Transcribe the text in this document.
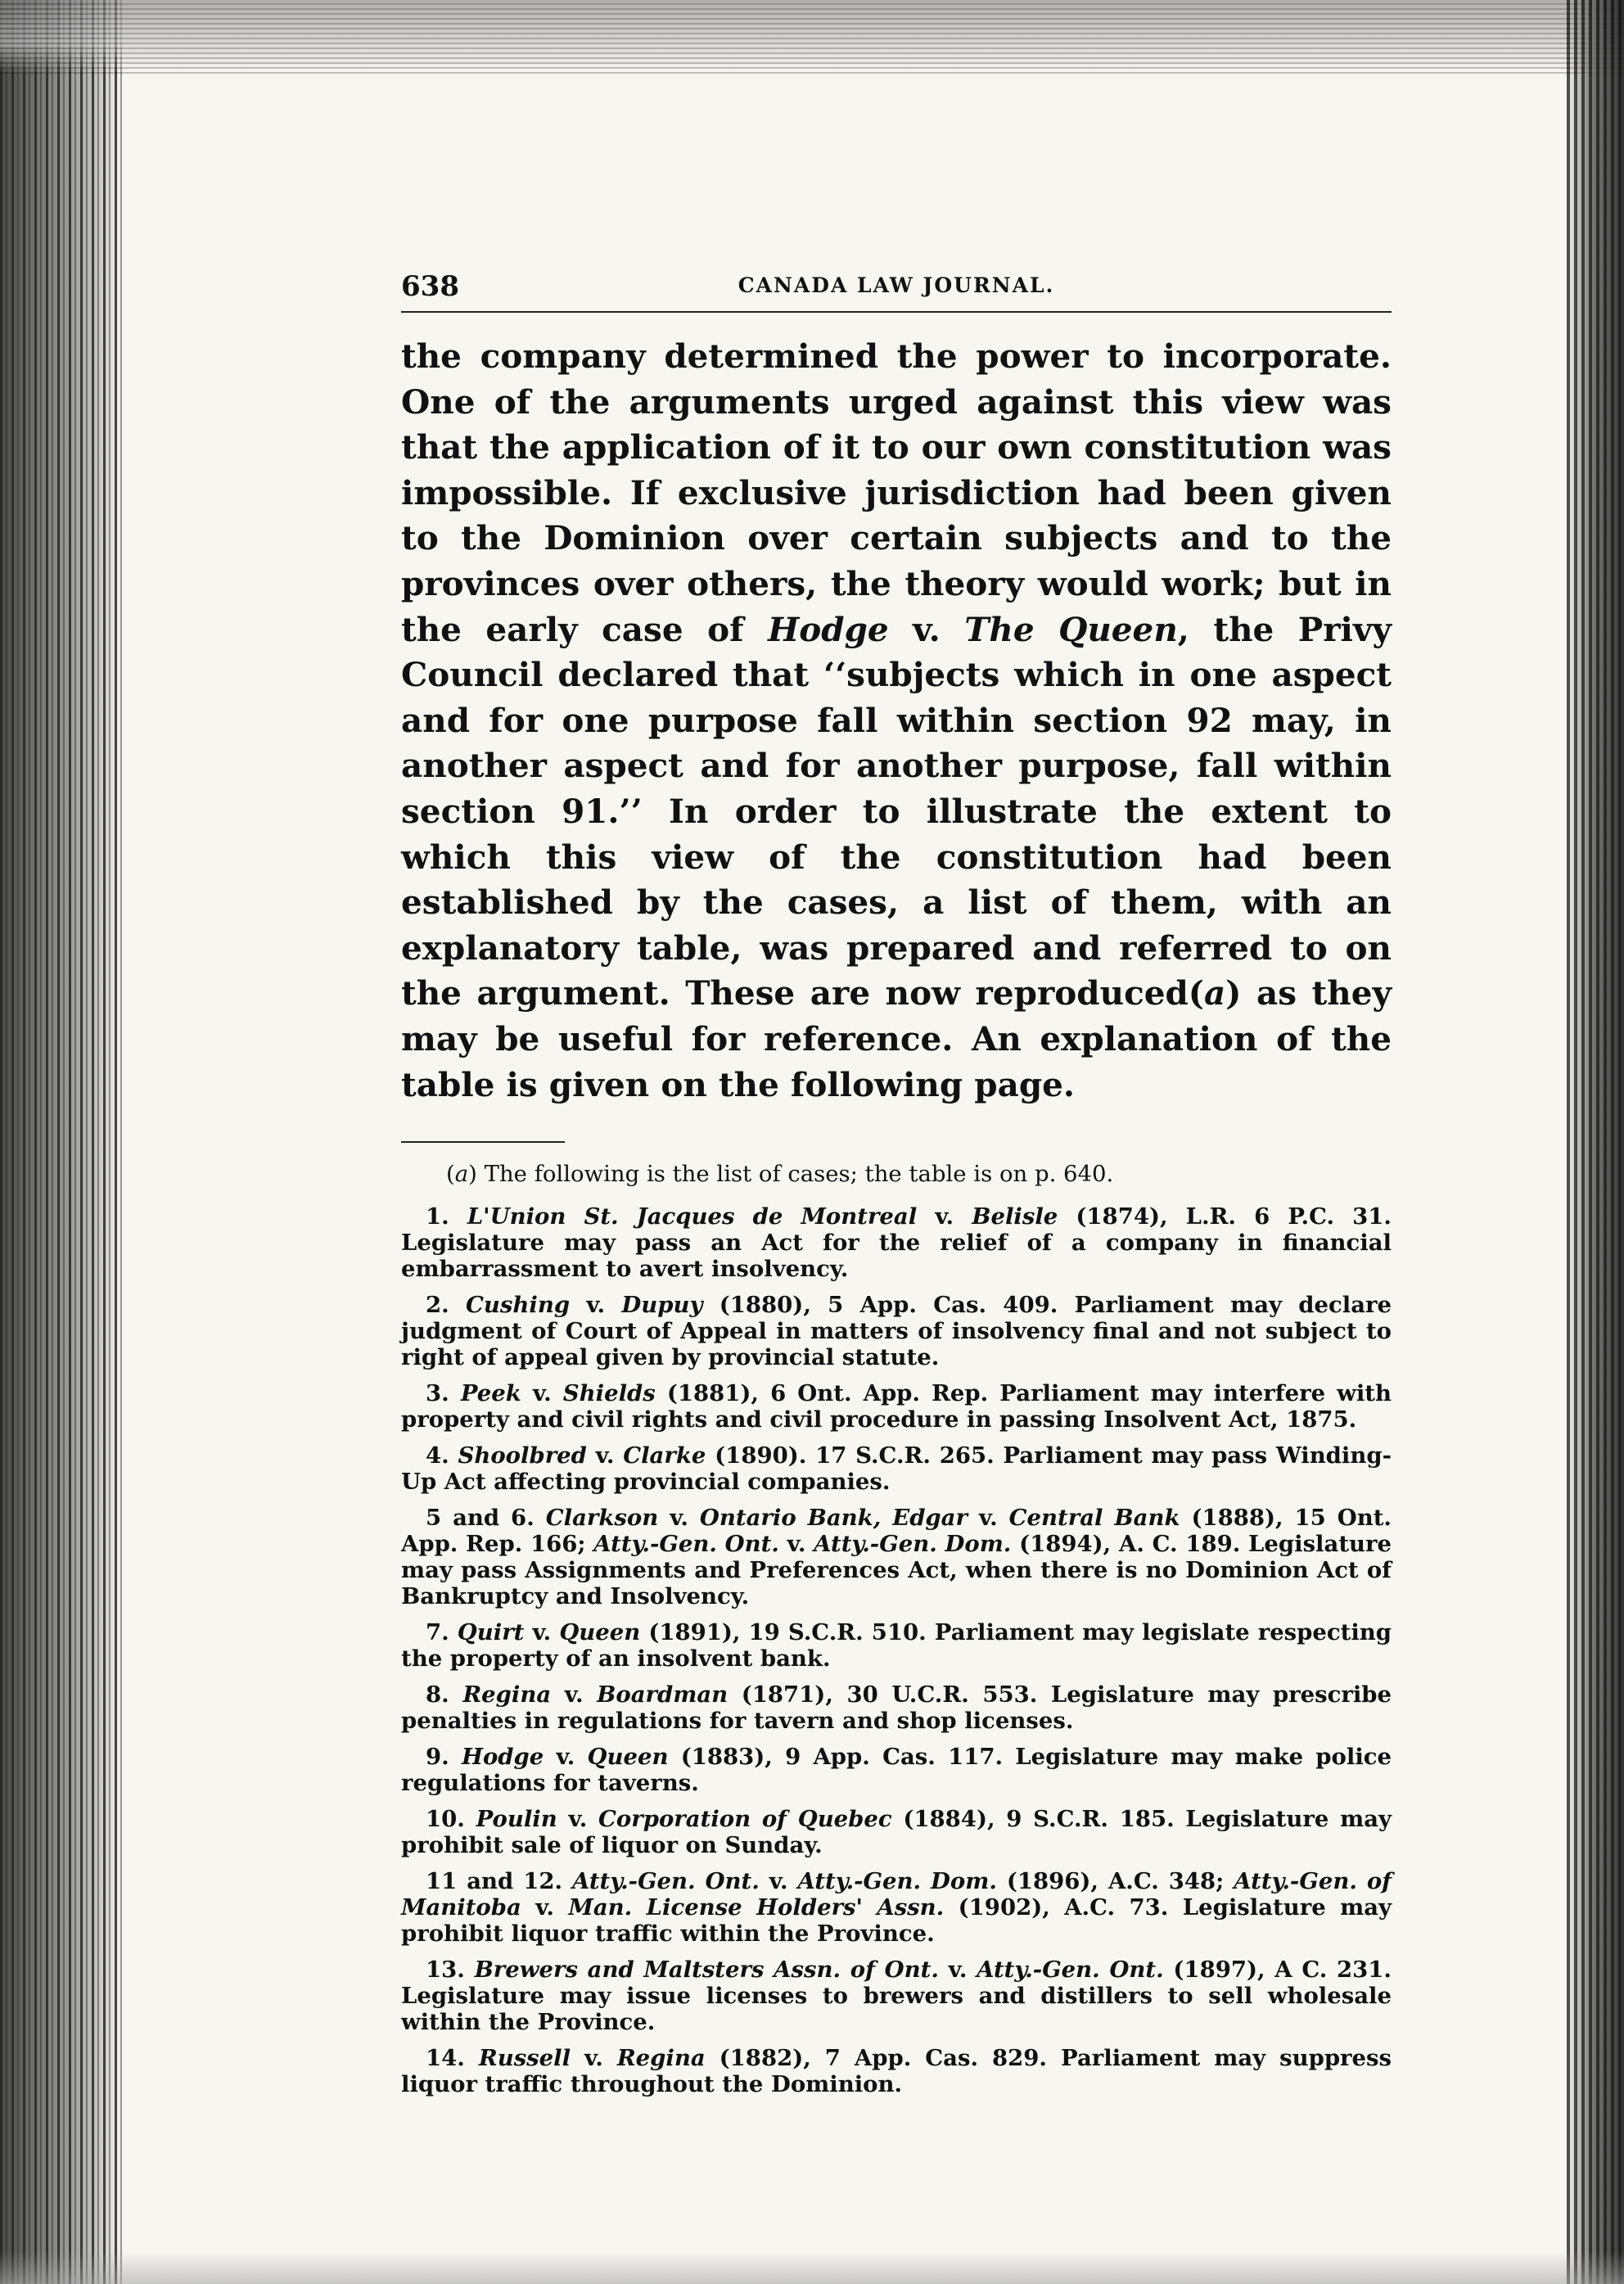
638	CANADA LAW JOURNAL.

the company determined the power to incorporate. One of the arguments urged against this view was that the application of it to our own constitution was impossible. If exclusive jurisdiction had been given to the Dominion over certain subjects and to the provinces over others, the theory would work; but in the early case of Hodge v. The Queen, the Privy Council declared that ‘‘subjects which in one aspect and for one purpose fall within section 92 may, in another aspect and for another purpose, fall within section 91.’’ In order to illustrate the extent to which this view of the constitution had been established by the cases, a list of them, with an explanatory table, was prepared and referred to on the argument. These are now reproduced(a) as they may be useful for reference. An explanation of the table is given on the following page.

(a) The following is the list of cases; the table is on p. 640.

1. L'Union St. Jacques de Montreal v. Belisle (1874), L.R. 6 P.C. 31. Legislature may pass an Act for the relief of a company in financial embarrassment to avert insolvency.

2. Cushing v. Dupuy (1880), 5 App. Cas. 409. Parliament may declare judgment of Court of Appeal in matters of insolvency final and not subject to right of appeal given by provincial statute.

3. Peek v. Shields (1881), 6 Ont. App. Rep. Parliament may interfere with property and civil rights and civil procedure in passing Insolvent Act, 1875.

4. Shoolbred v. Clarke (1890). 17 S.C.R. 265. Parliament may pass Winding-Up Act affecting provincial companies.

5 and 6. Clarkson v. Ontario Bank, Edgar v. Central Bank (1888), 15 Ont. App. Rep. 166; Atty.-Gen. Ont. v. Atty.-Gen. Dom. (1894), A. C. 189. Legislature may pass Assignments and Preferences Act, when there is no Dominion Act of Bankruptcy and Insolvency.

7. Quirt v. Queen (1891), 19 S.C.R. 510. Parliament may legislate respecting the property of an insolvent bank.

8. Regina v. Boardman (1871), 30 U.C.R. 553. Legislature may prescribe penalties in regulations for tavern and shop licenses.

9. Hodge v. Queen (1883), 9 App. Cas. 117. Legislature may make police regulations for taverns.

10. Poulin v. Corporation of Quebec (1884), 9 S.C.R. 185. Legislature may prohibit sale of liquor on Sunday.

11 and 12. Atty.-Gen. Ont. v. Atty.-Gen. Dom. (1896), A.C. 348; Atty.-Gen. of Manitoba v. Man. License Holders' Assn. (1902), A.C. 73. Legislature may prohibit liquor traffic within the Province.

13. Brewers and Maltsters Assn. of Ont. v. Atty.-Gen. Ont. (1897), A C. 231. Legislature may issue licenses to brewers and distillers to sell wholesale within the Province.

14. Russell v. Regina (1882), 7 App. Cas. 829. Parliament may suppress liquor traffic throughout the Dominion.
